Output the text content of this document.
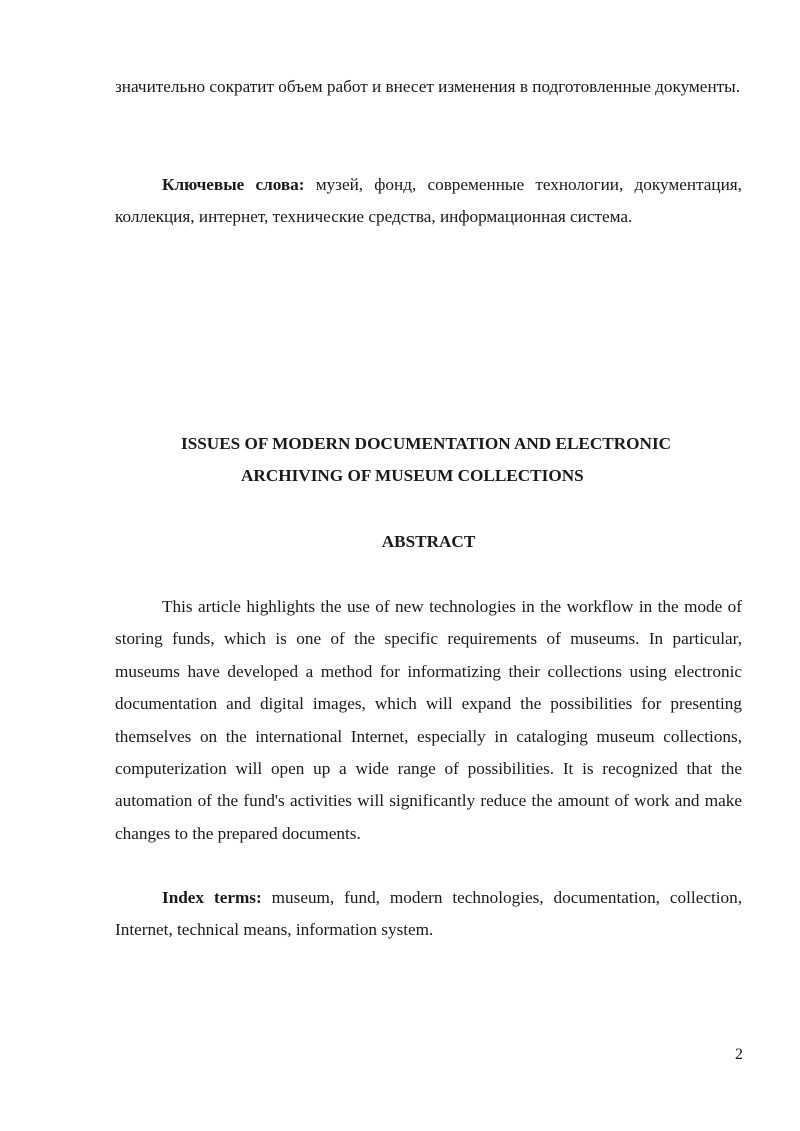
значительно сократит объем работ и внесет изменения в подготовленные документы.

Ключевые слова: музей, фонд, современные технологии, документация, коллекция, интернет, технические средства, информационная система.

ISSUES OF MODERN DOCUMENTATION AND ELECTRONIC
ARCHIVING OF MUSEUM COLLECTIONS
ABSTRACT

This article highlights the use of new technologies in the workflow in the mode of storing funds, which is one of the specific requirements of museums. In particular, museums have developed a method for informatizing their collections using electronic documentation and digital images, which will expand the possibilities for presenting themselves on the international Internet, especially in cataloging museum collections, computerization will open up a wide range of possibilities. It is recognized that the automation of the fund's activities will significantly reduce the amount of work and make changes to the prepared documents.

Index terms: museum, fund, modern technologies, documentation, collection, Internet, technical means, information system.

2
